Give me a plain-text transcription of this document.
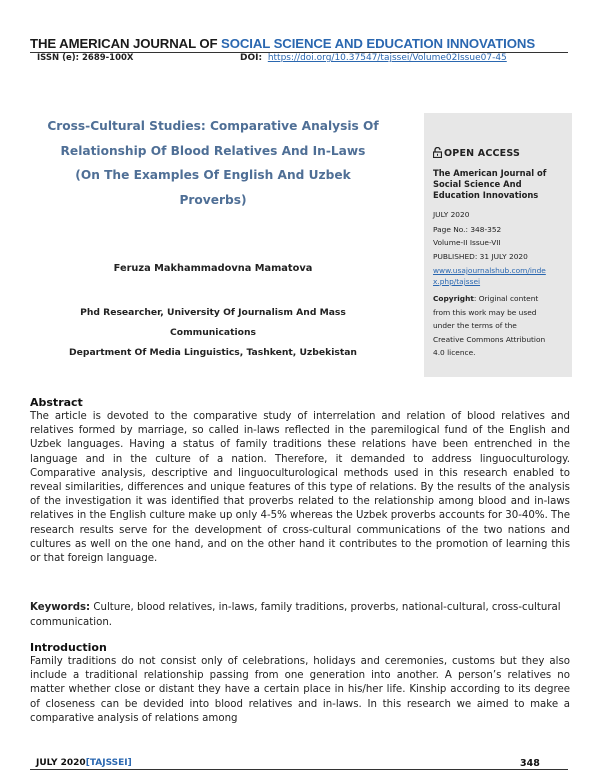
THE AMERICAN JOURNAL OF SOCIAL SCIENCE AND EDUCATION INNOVATIONS
ISSN (e): 2689-100X	DOI: https://doi.org/10.37547/tajssei/Volume02Issue07-45
Cross-Cultural Studies: Comparative Analysis Of
Relationship Of Blood Relatives And In-Laws
(On The Examples Of English And Uzbek
Proverbs)
Feruza Makhammadovna Mamatova
Phd Researcher, University Of Journalism And Mass
Communications
Department Of Media Linguistics, Tashkent, Uzbekistan
OPEN ACCESS
The American Journal of
Social Science And
Education Innovations
JULY 2020
Page No.: 348-352
Volume-II Issue-VII
PUBLISHED: 31 JULY 2020
www.usajournalshub.com/inde
x.php/tajssei
Copyright: Original content
from this work may be used
under the terms of the
Creative Commons Attribution
4.0 licence.
Abstract
The article is devoted to the comparative study of interrelation and relation of blood relatives and relatives formed by marriage, so called in-laws reflected in the paremilogical fund of the English and Uzbek languages. Having a status of family traditions these relations have been entrenched in the language and in the culture of a nation. Therefore, it demanded to address linguoculturology. Comparative analysis, descriptive and linguoculturological methods used in this research enabled to reveal similarities, differences and unique features of this type of relations. By the results of the analysis of the investigation it was identified that proverbs related to the relationship among blood and in-laws relatives in the English culture make up only 4-5% whereas the Uzbek proverbs accounts for 30-40%. The research results serve for the development of cross-cultural communications of the two nations and cultures as well on the one hand, and on the other hand it contributes to the promotion of learning this or that foreign language.
Keywords: Culture, blood relatives, in-laws, family traditions, proverbs, national-cultural, cross-cultural communication.
Introduction
Family traditions do not consist only of celebrations, holidays and ceremonies, customs but they also include a traditional relationship passing from one generation into another. A person’s relatives no matter whether close or distant they have a certain place in his/her life. Kinship according to its degree of closeness can be devided into blood relatives and in-laws. In this research we aimed to make a comparative analysis of relations among
JULY 2020[TAJSSEI]	348
